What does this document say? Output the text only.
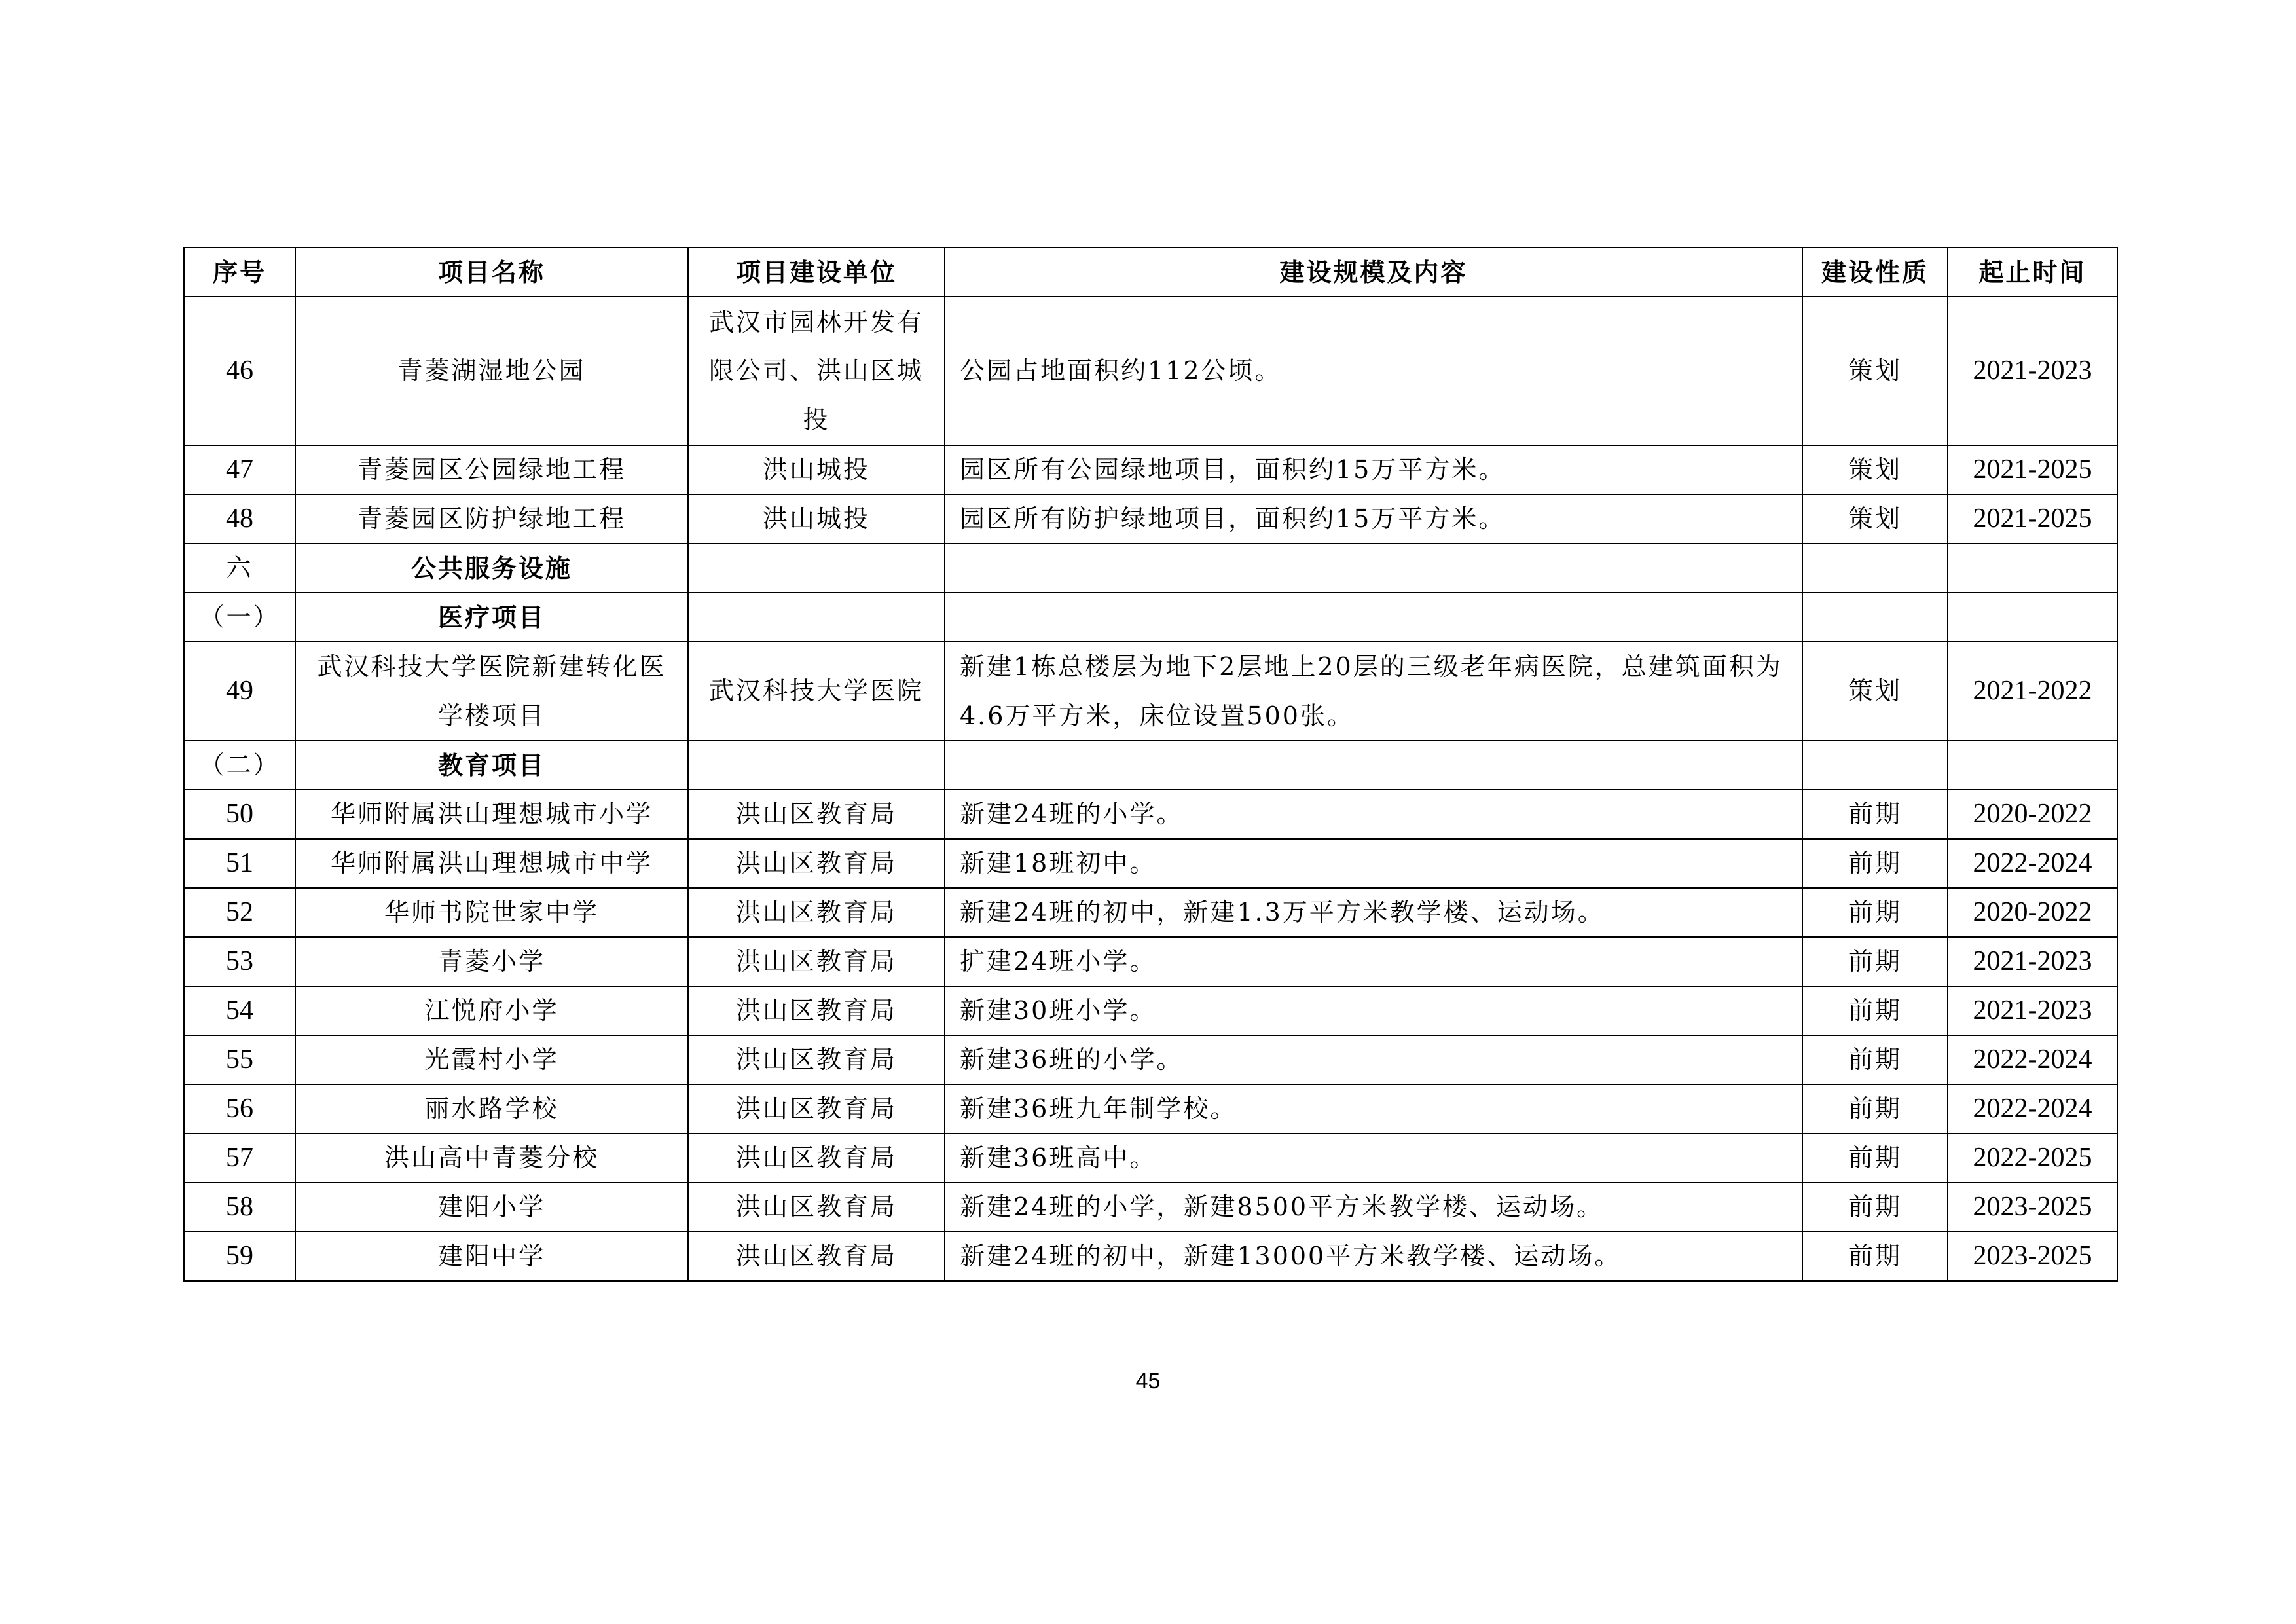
序号	项目名称	项目建设单位	建设规模及内容	建设性质	起止时间
46	青菱湖湿地公园	武汉市园林开发有限公司、洪山区城投	公园占地面积约112公顷。	策划	2021-2023
47	青菱园区公园绿地工程	洪山城投	园区所有公园绿地项目，面积约15万平方米。	策划	2021-2025
48	青菱园区防护绿地工程	洪山城投	园区所有防护绿地项目，面积约15万平方米。	策划	2021-2025
六	公共服务设施				
（一）	医疗项目				
49	武汉科技大学医院新建转化医学楼项目	武汉科技大学医院	新建1栋总楼层为地下2层地上20层的三级老年病医院，总建筑面积为4.6万平方米，床位设置500张。	策划	2021-2022
（二）	教育项目				
50	华师附属洪山理想城市小学	洪山区教育局	新建24班的小学。	前期	2020-2022
51	华师附属洪山理想城市中学	洪山区教育局	新建18班初中。	前期	2022-2024
52	华师书院世家中学	洪山区教育局	新建24班的初中，新建1.3万平方米教学楼、运动场。	前期	2020-2022
53	青菱小学	洪山区教育局	扩建24班小学。	前期	2021-2023
54	江悦府小学	洪山区教育局	新建30班小学。	前期	2021-2023
55	光霞村小学	洪山区教育局	新建36班的小学。	前期	2022-2024
56	丽水路学校	洪山区教育局	新建36班九年制学校。	前期	2022-2024
57	洪山高中青菱分校	洪山区教育局	新建36班高中。	前期	2022-2025
58	建阳小学	洪山区教育局	新建24班的小学，新建8500平方米教学楼、运动场。	前期	2023-2025
59	建阳中学	洪山区教育局	新建24班的初中，新建13000平方米教学楼、运动场。	前期	2023-2025
45
